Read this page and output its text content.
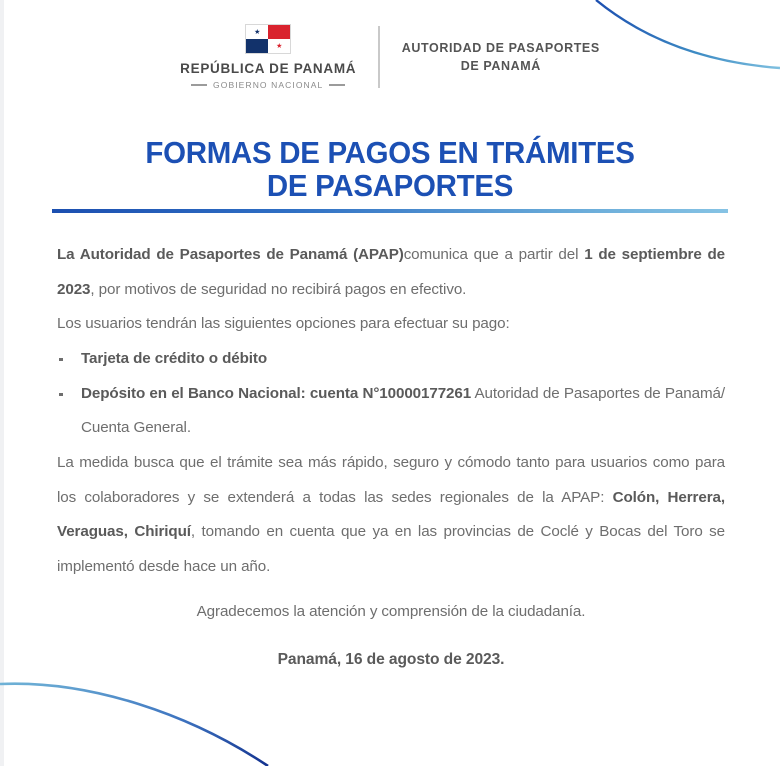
★
★
REPÚBLICA DE PANAMÁ
GOBIERNO NACIONAL
AUTORIDAD DE PASAPORTES
DE PANAMÁ
FORMAS DE PAGOS EN TRÁMITES
DE PASAPORTES

La Autoridad de Pasaportes de Panamá (APAP)comunica que a partir del 1 de septiembre de 2023, por motivos de seguridad no recibirá pagos en efectivo.

Los usuarios tendrán las siguientes opciones para efectuar su pago:

Tarjeta de crédito o débito
Depósito en el Banco Nacional: cuenta N°10000177261 Autoridad de Pasaportes de Panamá/ Cuenta General.

La medida busca que el trámite sea más rápido, seguro y cómodo tanto para usuarios como para los colaboradores y se extenderá a todas las sedes regionales de la APAP: Colón, Herrera, Veraguas, Chiriquí, tomando en cuenta que ya en las provincias de Coclé y Bocas del Toro se implementó desde hace un año.

Agradecemos la atención y comprensión de la ciudadanía.

Panamá, 16 de agosto de 2023.
